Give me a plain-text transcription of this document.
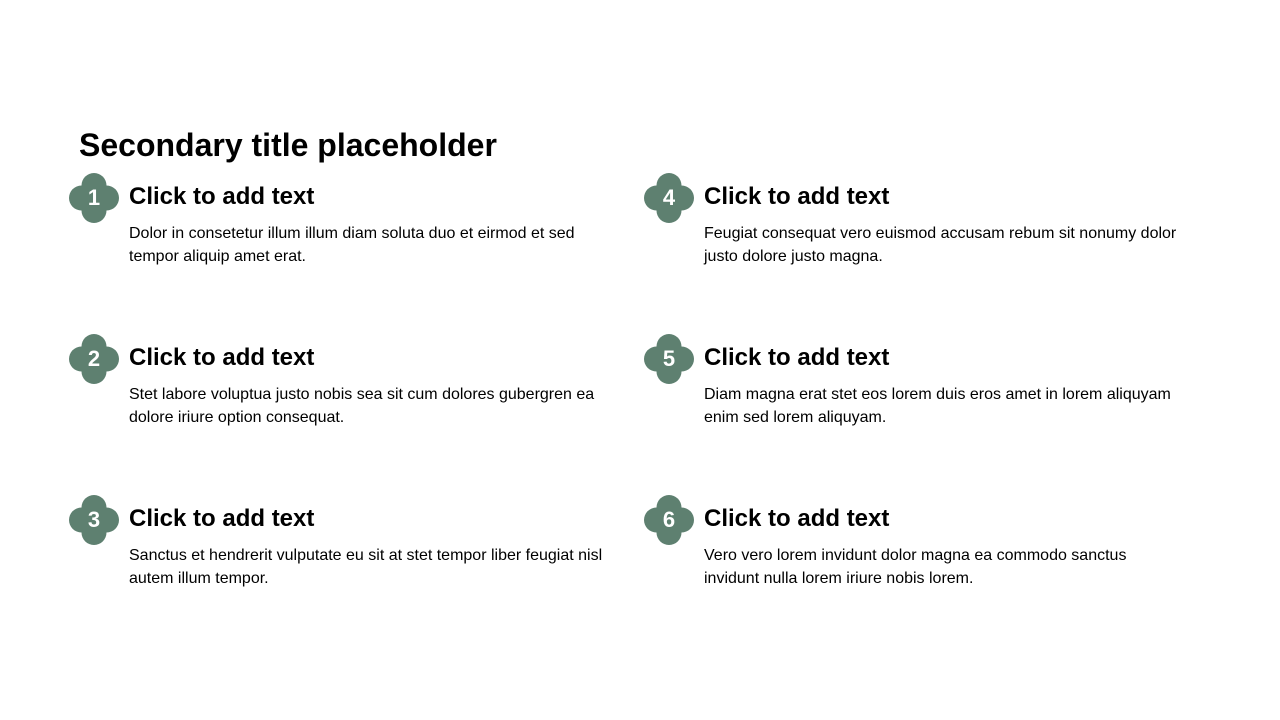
Secondary title placeholder
1	Click to add text
Dolor in consetetur illum illum diam soluta duo et eirmod et sed tempor aliquip amet erat.
2	Click to add text
Stet labore voluptua justo nobis sea sit cum dolores gubergren ea dolore iriure option consequat.
3	Click to add text
Sanctus et hendrerit vulputate eu sit at stet tempor liber feugiat nisl autem illum tempor.
4	Click to add text
Feugiat consequat vero euismod accusam rebum sit nonumy dolor justo dolore justo magna.
5	Click to add text
Diam magna erat stet eos lorem duis eros amet in lorem aliquyam enim sed lorem aliquyam.
6	Click to add text
Vero vero lorem invidunt dolor magna ea commodo sanctus invidunt nulla lorem iriure nobis lorem.
